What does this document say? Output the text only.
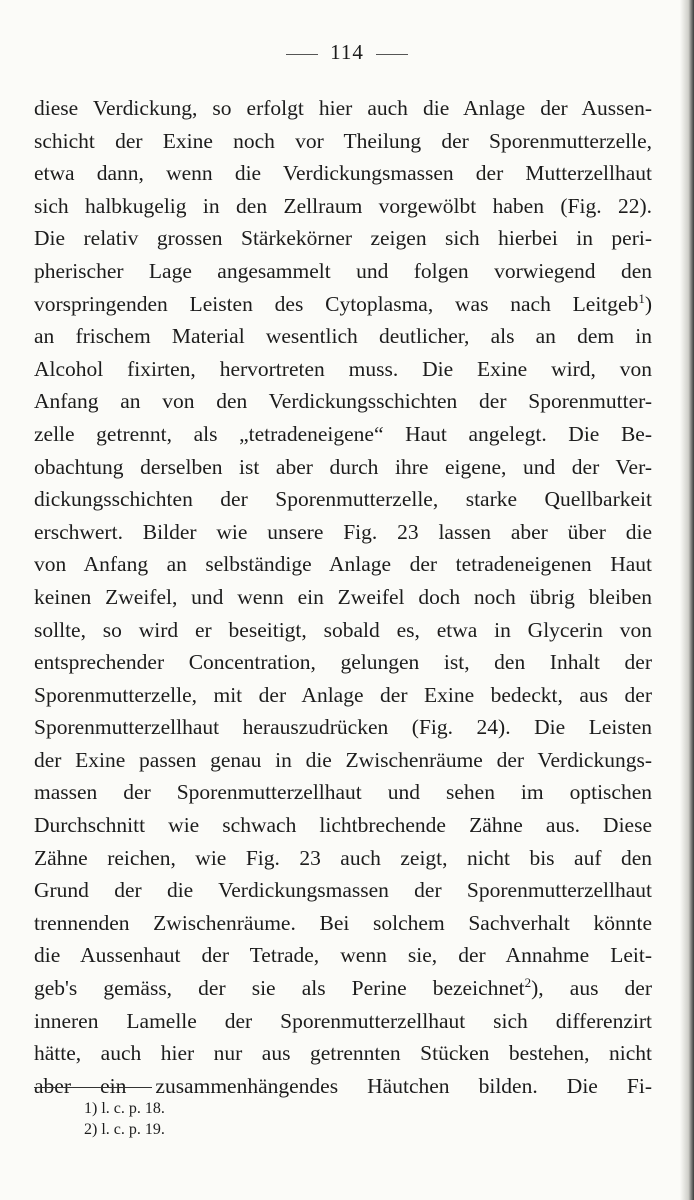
114
diese Verdickung, so erfolgt hier auch die Anlage der Aussen-
schicht der Exine noch vor Theilung der Sporenmutterzelle,
etwa dann, wenn die Verdickungsmassen der Mutterzellhaut
sich halbkugelig in den Zellraum vorgewölbt haben (Fig. 22).
Die relativ grossen Stärkekörner zeigen sich hierbei in peri-
pherischer Lage angesammelt und folgen vorwiegend den
vorspringenden Leisten des Cytoplasma, was nach Leitgeb$^1$)
an frischem Material wesentlich deutlicher, als an dem in
Alcohol fixirten, hervortreten muss. Die Exine wird, von
Anfang an von den Verdickungsschichten der Sporenmutter-
zelle getrennt, als „tetradeneigene“ Haut angelegt. Die Be-
obachtung derselben ist aber durch ihre eigene, und der Ver-
dickungsschichten der Sporenmutterzelle, starke Quellbarkeit
erschwert. Bilder wie unsere Fig. 23 lassen aber über die
von Anfang an selbständige Anlage der tetradeneigenen Haut
keinen Zweifel, und wenn ein Zweifel doch noch übrig bleiben
sollte, so wird er beseitigt, sobald es, etwa in Glycerin von
entsprechender Concentration, gelungen ist, den Inhalt der
Sporenmutterzelle, mit der Anlage der Exine bedeckt, aus der
Sporenmutterzellhaut herauszudrücken (Fig. 24). Die Leisten
der Exine passen genau in die Zwischenräume der Verdickungs-
massen der Sporenmutterzellhaut und sehen im optischen
Durchschnitt wie schwach lichtbrechende Zähne aus. Diese
Zähne reichen, wie Fig. 23 auch zeigt, nicht bis auf den
Grund der die Verdickungsmassen der Sporenmutterzellhaut
trennenden Zwischenräume. Bei solchem Sachverhalt könnte
die Aussenhaut der Tetrade, wenn sie, der Annahme Leit-
geb's gemäss, der sie als Perine bezeichnet$^2$), aus der
inneren Lamelle der Sporenmutterzellhaut sich differenzirt
hätte, auch hier nur aus getrennten Stücken bestehen, nicht
aber ein zusammenhängendes Häutchen bilden. Die Fi-
1) l. c. p. 18.
2) l. c. p. 19.
